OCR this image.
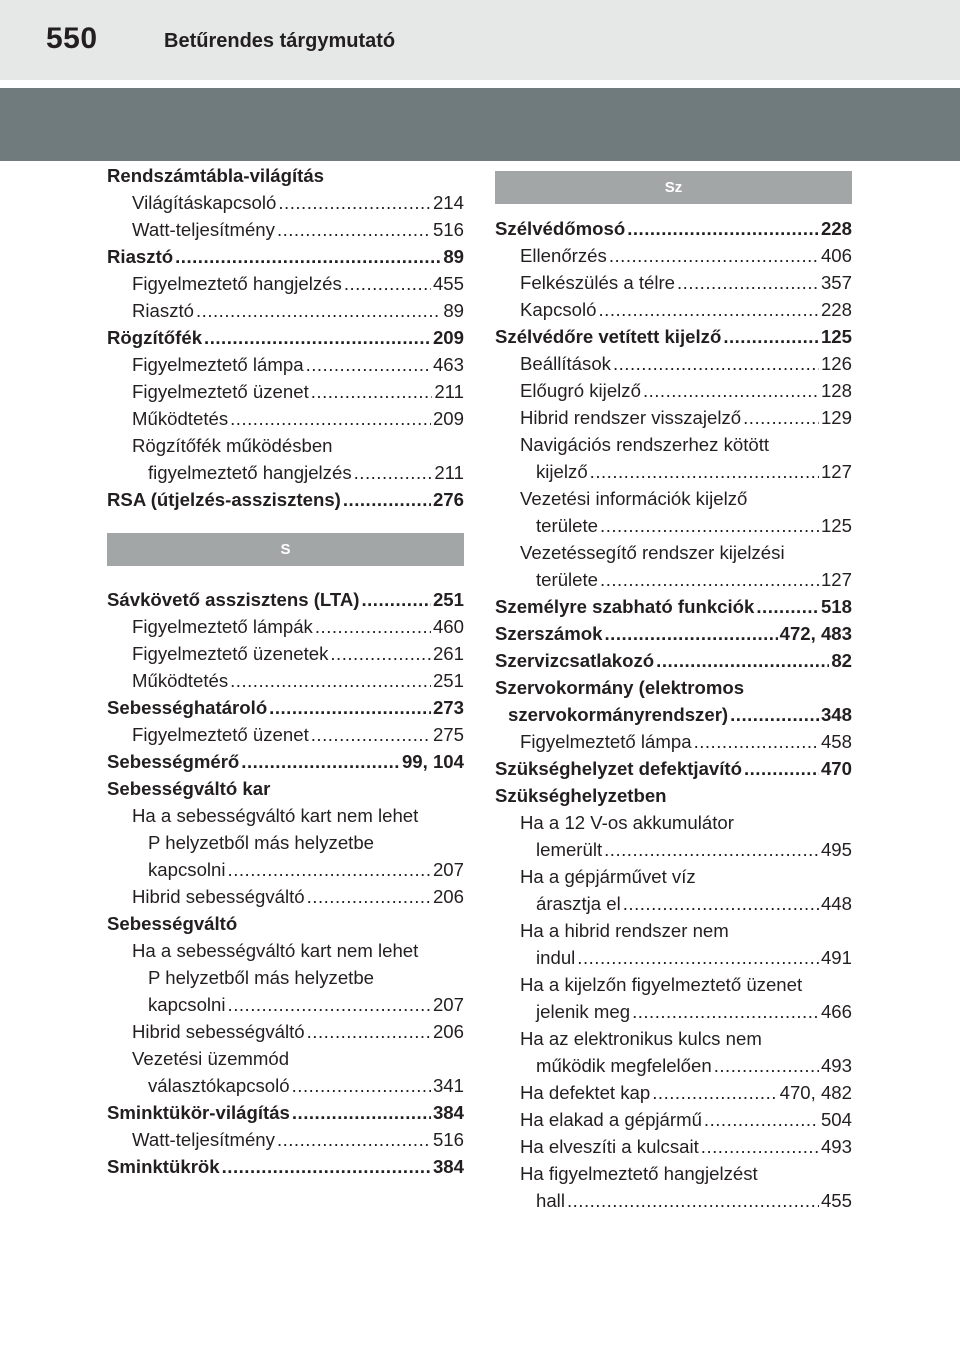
550	Betűrendes tárgymutató
Rendszámtábla-világítás
Világításkapcsoló .....	214
Watt-teljesítmény .....	516
Riasztó .....	89
Figyelmeztető hangjelzés .....	455
Riasztó .....	89
Rögzítőfék .....	209
Figyelmeztető lámpa .....	463
Figyelmeztető üzenet .....	211
Működtetés .....	209
Rögzítőfék működésben
figyelmeztető hangjelzés .....	211
RSA (útjelzés-asszisztens) .....	276
S
Sávkövető asszisztens (LTA) .....	251
Figyelmeztető lámpák .....	460
Figyelmeztető üzenetek .....	261
Működtetés .....	251
Sebességhatároló .....	273
Figyelmeztető üzenet .....	275
Sebességmérő .....	99, 104
Sebességváltó kar
Ha a sebességváltó kart nem lehet
P helyzetből más helyzetbe
kapcsolni .....	207
Hibrid sebességváltó .....	206
Sebességváltó
Ha a sebességváltó kart nem lehet
P helyzetből más helyzetbe
kapcsolni .....	207
Hibrid sebességváltó .....	206
Vezetési üzemmód
választókapcsoló .....	341
Sminktükör-világítás .....	384
Watt-teljesítmény .....	516
Sminktükrök .....	384
Sz
Szélvédőmosó .....	228
Ellenőrzés .....	406
Felkészülés a télre .....	357
Kapcsoló .....	228
Szélvédőre vetített kijelző .....	125
Beállítások .....	126
Előugró kijelző .....	128
Hibrid rendszer visszajelző .....	129
Navigációs rendszerhez kötött
kijelző .....	127
Vezetési információk kijelző
területe .....	125
Vezetéssegítő rendszer kijelzési
területe .....	127
Személyre szabható funkciók .....	518
Szerszámok .....	472, 483
Szervizcsatlakozó .....	82
Szervokormány (elektromos
szervokormányrendszer) .....	348
Figyelmeztető lámpa .....	458
Szükséghelyzet defektjavító .....	470
Szükséghelyzetben
Ha a 12 V-os akkumulátor
lemerült .....	495
Ha a gépjárművet víz
árasztja el .....	448
Ha a hibrid rendszer nem
indul .....	491
Ha a kijelzőn figyelmeztető üzenet
jelenik meg .....	466
Ha az elektronikus kulcs nem
működik megfelelően .....	493
Ha defektet kap .....	470, 482
Ha elakad a gépjármű .....	504
Ha elveszíti a kulcsait .....	493
Ha figyelmeztető hangjelzést
hall .....	455
